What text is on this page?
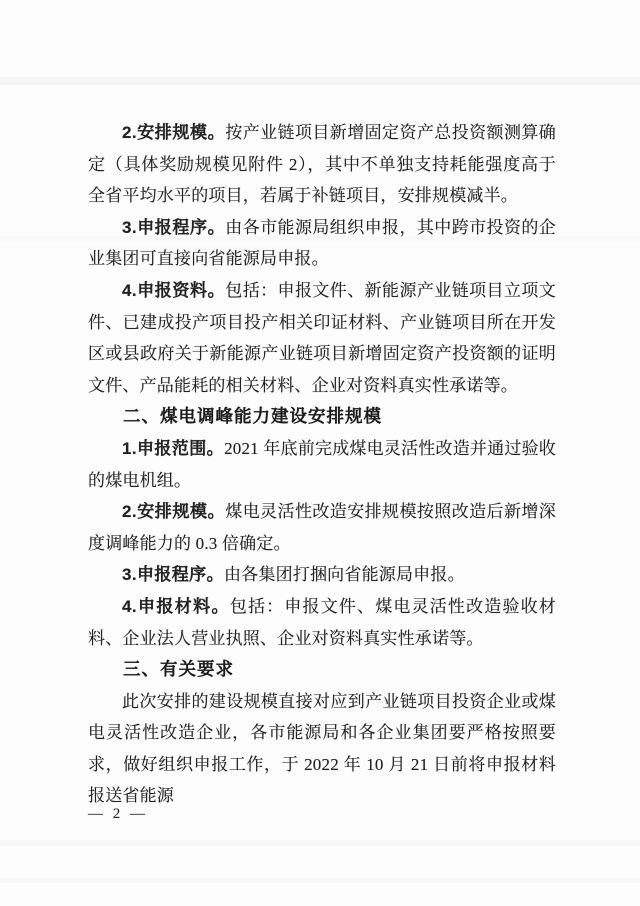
2.安排规模。按产业链项目新增固定资产总投资额测算确定（具体奖励规模见附件 2），其中不单独支持耗能强度高于全省平均水平的项目，若属于补链项目，安排规模减半。

3.申报程序。由各市能源局组织申报，其中跨市投资的企业集团可直接向省能源局申报。

4.申报资料。包括：申报文件、新能源产业链项目立项文件、已建成投产项目投产相关印证材料、产业链项目所在开发区或县政府关于新能源产业链项目新增固定资产投资额的证明文件、产品能耗的相关材料、企业对资料真实性承诺等。

二、煤电调峰能力建设安排规模

1.申报范围。2021 年底前完成煤电灵活性改造并通过验收的煤电机组。

2.安排规模。煤电灵活性改造安排规模按照改造后新增深度调峰能力的 0.3 倍确定。

3.申报程序。由各集团打捆向省能源局申报。

4.申报材料。包括：申报文件、煤电灵活性改造验收材料、企业法人营业执照、企业对资料真实性承诺等。

三、有关要求

此次安排的建设规模直接对应到产业链项目投资企业或煤电灵活性改造企业，各市能源局和各企业集团要严格按照要求，做好组织申报工作，于 2022 年 10 月 21 日前将申报材料报送省能源

— 2 —
